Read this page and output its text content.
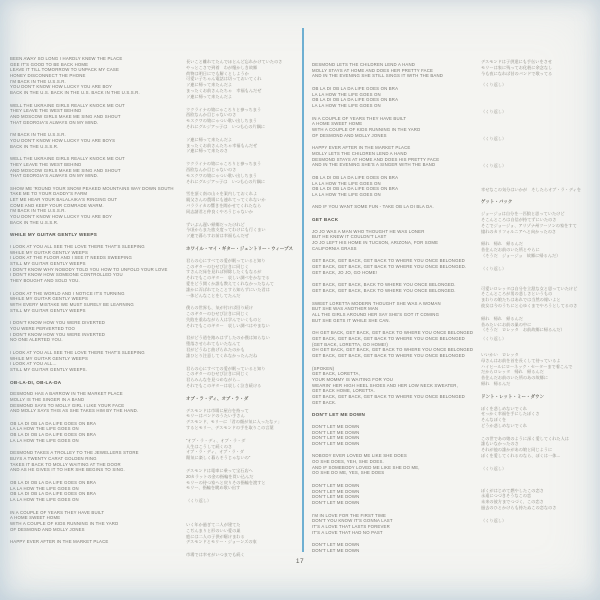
BEEN AWAY SO LONG I HARDLY KNEW THE PLACE
GEE IT'S GOOD TO BE BACK HOME
LEAVE IT TILL TOMORROW TO UNPACK MY CASE
HONEY DISCONNECT THE PHONE
I'M BACK IN THE U.S.S.R.
YOU DON'T KNOW HOW LUCKY YOU ARE BOY
BACK IN THE U.S. BACK IN THE U.S. BACK IN THE U.S.S.R.
WELL THE UKRAINE GIRLS REALLY KNOCK ME OUT
THEY LEAVE THE WEST BEHIND
AND MOSCOW GIRLS MAKE ME SING AND SHOUT
THAT GEORGIA'S ALWAYS ON MY MIND.
I'M BACK IN THE U.S.S.R.
YOU DON'T KNOW HOW LUCKY YOU ARE BOYS
BACK IN THE U.S.S.R.
WELL THE UKRAINE GIRLS REALLY KNOCK ME OUT
THEY LEAVE THE WEST BEHIND
AND MOSCOW GIRLS MAKE ME SING AND SHOUT
THAT GEORGIA'S ALWAYS ON MY MIND.
SHOW ME 'ROUND YOUR SNOW PEAKED MOUNTAINS WAY DOWN SOUTH
TAKE ME TO YOUR DADDY'S FARM
LET ME HEAR YOUR BALALAIKA'S RINGING OUT
COME AND KEEP YOUR COMRADE WARM.
I'M BACK IN THE U.S.S.R.
YOU DON'T KNOW HOW LUCKY YOU ARE BOY
BACK IN THE U.S.S.R.
WHILE MY GUITAR GENTLY WEEPS
I LOOK AT YOU ALL SEE THE LOVE THERE THAT'S SLEEPING
WHILE MY GUITAR GENTLY WEEPS
I LOOK AT THE FLOOR AND I SEE IT NEEDS SWEEPING
STILL MY GUITAR GENTLY WEEPS
I DON'T KNOW WHY NOBODY TOLD YOU HOW TO UNFOLD YOUR LOVE
I DON'T KNOW HOW SOMEONE CONTROLLED YOU
THEY BOUGHT AND SOLD YOU.
I LOOK AT THE WORLD AND I NOTICE IT'S TURNING
WHILE MY GUITAR GENTLY WEEPS
WITH EVERY MISTAKE WE MUST SURELY BE LEARNING
STILL MY GUITAR GENTLY WEEPS
I DON'T KNOW HOW YOU WERE DIVERTED
YOU WERE PERVERTED TOO
I DON'T KNOW HOW YOU WERE INVERTED
NO ONE ALERTED YOU.
I LOOK AT YOU ALL SEE THE LOVE THERE THAT'S SLEEPING
WHILE MY GUITAR GENTLY WEEPS
I LOOK AT YOU ALL...
STILL MY GUITAR GENTLY WEEPS.
OB-LA-DI, OB-LA-DA
DESMOND HAS A BARROW IN THE MARKET PLACE
MOLLY IS THE SINGER IN A BAND
DESMOND SAYS TO MOLLY GIRL I LIKE YOUR FACE
AND MOLLY SAYS THIS AS SHE TAKES HIM BY THE HAND.
OB LA DI OB LA DA LIFE GOES ON BRA
LA LA HOW THE LIFE GOES ON
OB LA DI OB LA DA LIFE GOES ON BRA
LA LA HOW THE LIFE GOES ON
DESMOND TAKES A TROLLEY TO THE JEWELLERS STORE
BUYS A TWENTY CARAT GOLDEN RING
TAKES IT BACK TO MOLLY WAITING AT THE DOOR
AND AS HE GIVES IT TO HER SHE BEGINS TO SING.
OB LA DI OB LA DA LIFE GOES ON BRA
LA LA HOW THE LIFE GOES ON
OB LA DI OB LA DA LIFE GOES ON BRA
LA LA HOW THE LIFE GOES ON
IN A COUPLE OF YEARS THEY HAVE BUILT
A HOME SWEET HOME
WITH A COUPLE OF KIDS RUNNING IN THE YARD
OF DESMOND AND MOLLY JONES
HAPPY EVER AFTER IN THE MARKET PLACE
長いこと離れてたんでほとんど忘れかけていたのさ
やっとこさで到着　わが懐かしき故郷
荷物は明日にでも解くとしようか
可愛い子ちゃん電話は切っておいてくれ
ソ連に帰って来たんだよ
まったくお前さんたちゃ　幸福もんだぜ
ソ連に帰って来たんだよ
ウクライナの娘にゃころりと参っちまう
西欧なんか目じゃないのさ
モスクワの娘にゃつい歌い出しちまう
それにグルジアっ子は　いつも心の片隅に
ソ連に帰って来たんだよ
まったくお前さんたちゃ幸福もんだぜ
ソ連に帰って来たのさ
ウクライナの娘にゃころりと参っちまう
西欧なんか目じゃないのさ
モスクワの娘にゃつい歌い出しちまう
それにグルジアっ子は　いつも心の片隅に
雪を頂く南の山々を案内しておくれよ
親父さんの農場にも連れてってくれないか
バラライカの響きを聞かせてくれたなら
同志諸君と仲良くやろうじゃないか
ずいぶん遅い帰郷だったけれど
今頃からまた旅支度ってわけにも行くまい
ソ連で暮らすお前は幸福もんだぜ
ホワイル・マイ・ギター・ジェントリー・ウィープス
君らの心にすべての愛が眠っていると知り
このギターのむせび泣きに同じく
すさんだ床を見れば掃除したくもなるが
それでもこのギター　哀しい調べをかなでる
愛をどう開くか誰も教えてくれなかったなんて
誰かに弄ばれてたことすら知らずにいた君は
一体どんなことをしてたんだ
僕らの世界も、気が付けば回り続け
このギターのむせび泣きに同じく
失敗を重ねながら人は学んでいくものと
それでもこのギター　哀しい調べはやまない
君がどう道を踏みはずしたのか僕は知らない
堕落させられてもいたなんて
君がどうねじ曲げられたのかも
誰ひとり注意してくれなかったんだね
君らの心にすべての愛が眠っていると知り
このギターのむせび泣きに同じく
君らみんなを見つめながら…
それでもこのギターは哀しく泣き続ける
オブ・ラ・ディ、オブ・ラ・ダ
デスモンドは市場に屋台を持って
モリーはバンドのうたい手さん
デスモンド、モリーに「君の顔が気に入ったなァ」
するとモリー、デスモンドの手を取りこの言葉
“オブ・ラ・ディ、オブ・ラ・ダ
人生はこうして続くのさ
オブ・ラ・ディ、オブ・ラ・ダ
陽気に楽しく暮らそうじゃないの”
デスモンドは電車に乗って宝石店へ
20カラットの金の指輪を買い込んだ
モリーの待つ家へと戻りその指輪を渡すと
モリー、指輪を眺め歌い出す
（くり返し）
いく年か過ぎて二人が建てた
こぢんまりと形のいい愛の巣
庭には二人の子供が駆けまわる
デスモンドとモリー・ジョーンズの家
市場では幸せがいつまでも続く
DESMOND LETS THE CHILDREN LEND A HAND
MOLLY STAYS AT HOME AND DOES HER PRETTY FACE
AND IN THE EVENING SHE STILL SINGS IT WITH THE BAND
OB LA DI OB LA DA LIFE GOES ON BRA
LA LA HOW THE LIFE GOES ON
OB LA DI OB LA DA LIFE GOES ON BRA
LA LA HOW THE LIFE GOES ON
IN A COUPLE OF YEARS THEY HAVE BUILT
A HOME SWEET HOME
WITH A COUPLE OF KIDS RUNNING IN THE YARD
OF DESMOND AND MOLLY JONES
HAPPY EVER AFTER IN THE MARKET PLACE
MOLLY LETS THE CHILDREN LEND A HAND
DESMOND STAYS AT HOME AND DOES HIS PRETTY FACE
AND IN THE EVENING SHE'S A SINGER WITH THE BAND
OB LA DI OB LA DA LIFE GOES ON BRA
LA LA HOW THE LIFE GOES ON
OB LA DI OB LA DA LIFE GOES ON BRA
LA LA HOW THE LIFE GOES ON
AND IF YOU WANT SOME FUN - TAKE OB LA DI BLA DA.
GET BACK
JO JO WAS A MAN WHO THOUGHT HE WAS LONER
BUT HE KNEW IT COULDN'T LAST
JO JO LEFT HIS HOME IN TUCSON, ARIZONA, FOR SOME
CALIFORNIA GRASS
GET BACK, GET BACK, GET BACK TO WHERE YOU ONCE BELONGED
GET BACK, GET BACK, GET BACK TO WHERE YOU ONCE BELONGED.
GET BACK, JO JO, GO HOME!
GET BACK, GET BACK, BACK TO WHERE YOU ONCE BELONGED.
GET BACK, GET BACK, BACK TO WHERE YOU ONCE BELONGED.
SWEET LORETTA MODERN THOUGHT SHE WAS A WOMAN
BUT SHE WAS ANOTHER MAN
ALL THE GIRLS AROUND HER SAY SHE'S GOT IT COMING
BUT SHE GETS IT WHILE SHE CAN.
OH GET BACK, GET BACK, GET BACK TO WHERE YOU ONCE BELONGED
GET BACK, GET BACK, GET BACK TO WHERE YOU ONCE BELONGED
(GET BACK, LORETTA, GO HOME!)
OH GET BACK, GET BACK, GET BACK TO WHERE YOU ONCE BELONGED
GET BACK, GET BACK, GET BACK TO WHERE YOU ONCE BELONGED
(SPOKEN)
GET BACK, LORETTA,
YOUR MOMMY IS WAITING FOR YOU
WEARIN' HER HIGH HEEL SHOES AND HER LOW NECK SWEATER,
GET BACK HOME, LORETTA.
GET BACK, GET BACK, GET BACK TO WHERE YOU ONCE BELONGED
GET BACK.
DON'T LET ME DOWN
DON'T LET ME DOWN
DON'T LET ME DOWN
DON'T LET ME DOWN
DON'T LET ME DOWN
NOBODY EVER LOVED ME LIKE SHE DOES
OO SHE DOES, YEH, SHE DOES.
AND IF SOMEBODY LOVED ME LIKE SHE DO ME,
OO SHE DO ME, YES, SHE DOES
DON'T LET ME DOWN
DON'T LET ME DOWN
DON'T LET ME DOWN
DON'T LET ME DOWN
I'M IN LOVE FOR THE FIRST TIME
DON'T YOU KNOW IT'S GONNA LAST
IT'S A LOVE THAT LASTS FOREVER
IT'S A LOVE THAT HAD NO PAST
DON'T LET ME DOWN
DON'T LET ME DOWN
デスモンドは子供達にも手伝いをさせ
モリーは家に残ってお化粧に余念なし
今も夜になれば昔のバンドで歌ってる
（くり返し）
（くり返し）
（くり返し）
（くり返し）
幸せなこの気分はいかが　そしたらオブ・ラ・ディを
ゲット・バック
ジョージョは自分を一匹狼と思っていたけど
そこんところは自信が持てずにいたのさ
そこでジョージョ、アリゾナ州ツーソンの家をすて
憧れのカリフォルニアへと向かったのさ
帰れ　帰れ　帰るんだ
昔住んだお前のいた所とやらに
（そうだ　ジョージョ　故郷に帰るんだ）
（くり返し）
可愛いロレッタは自分を立派な女と思っていたけど
そこんところが男の悲しさというもの
まわりの娘たちはあれでは当然の報いよと
彼女は今のうちにと心ゆくまでやろうとしてるのさ
帰れ　帰れ　帰るんだ
昔みたいにお前の巣の中に
（そうだ　ロレッタ　お前故郷に帰るんだ）
（くり返し）
いいかい　ロレッタ
母さんはお前を首を長くして待っているよ
ハイヒールにローネック・セーターまで着こんで
だからロレッタ　帰れ　帰るんだ
昔住んだお前のいた所のあの故郷に
帰れ　帰るんだ
ドント・レット・ミー・ダウン
ぼくを悲しめないでくれ
せっかく幸福を手にしたぼくさ
そんなぼくを
どうか悲しめないでくれ
この世であの娘のように深く愛してくれた人は
誰もいなかったのさ
それが他の誰かがあの娘と同じように
ぼくを愛してくれるのなら、ぼくは一体…
（くり返し）
ぼくがはじめて燃やしたこの恋さ
永遠につづきそうなこの恋
未来の彼方までつづく、この恋さ
過去のひとかけらも持たぬこの恋なのさ
（くり返し）
17
